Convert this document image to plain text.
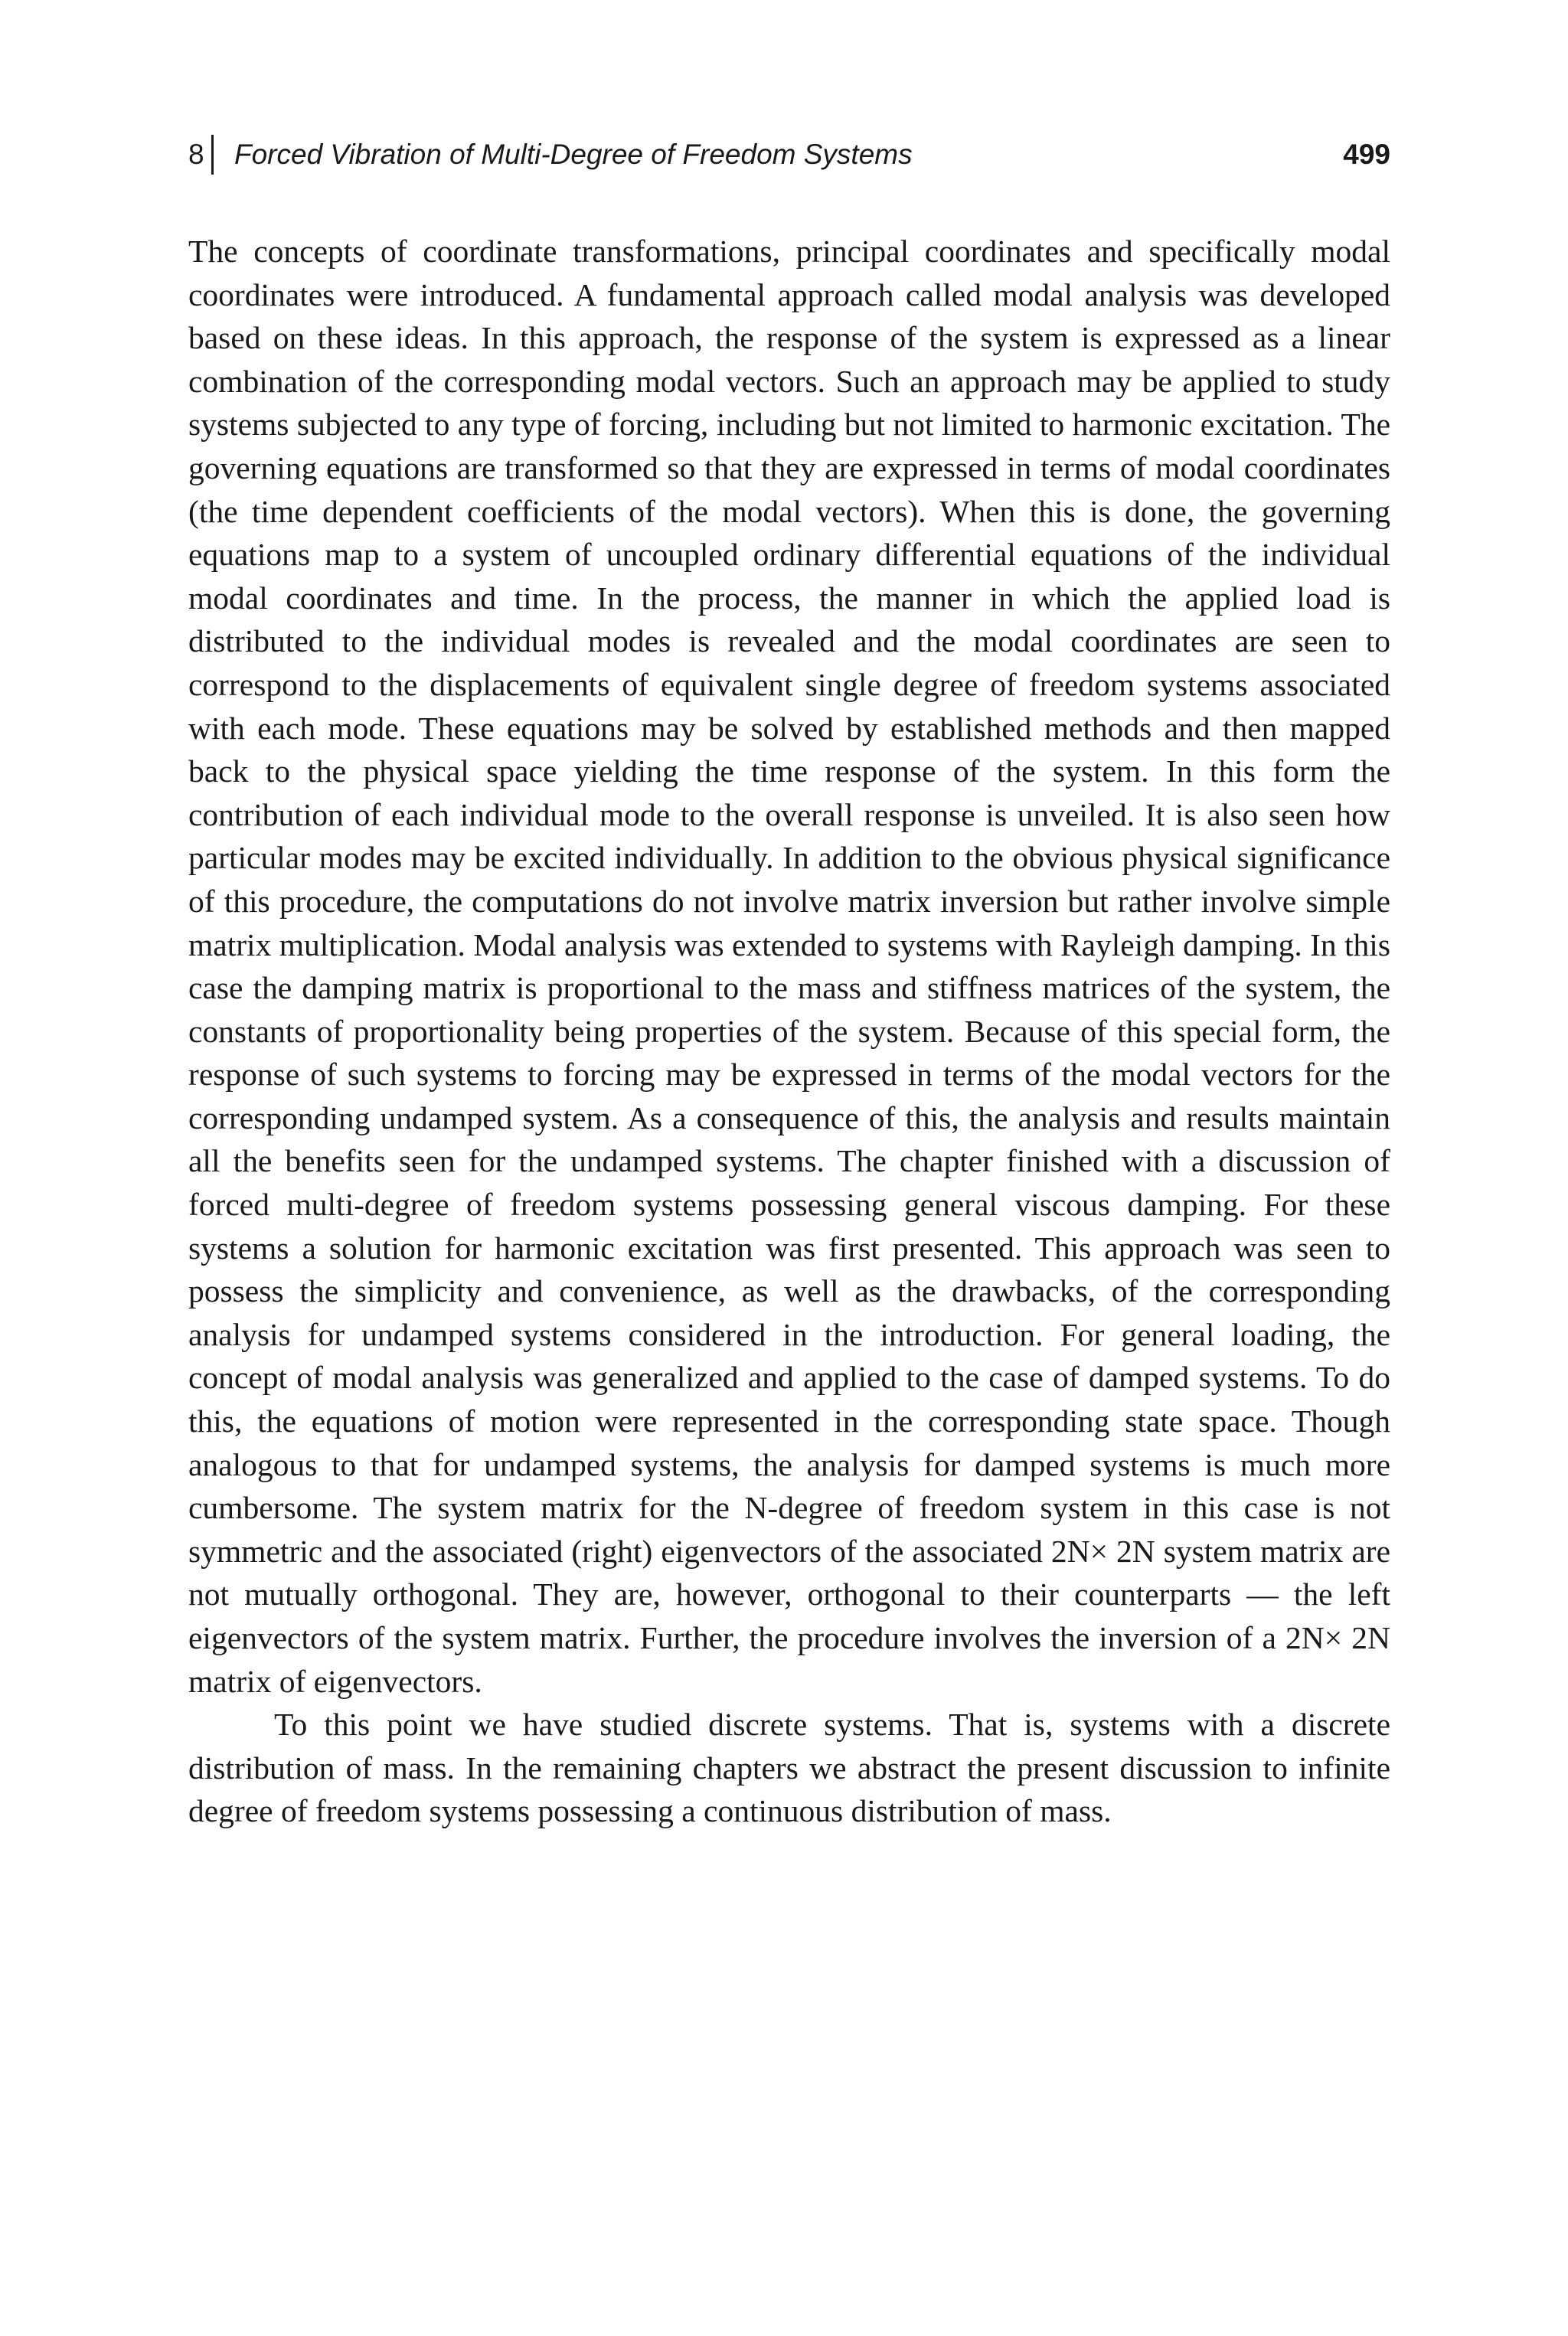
8 Forced Vibration of Multi-Degree of Freedom Systems	499

The concepts of coordinate transformations, principal coordinates and specifically modal coordinates were introduced. A fundamental approach called modal analysis was developed based on these ideas. In this approach, the response of the system is expressed as a linear combination of the corresponding modal vectors. Such an approach may be applied to study systems subjected to any type of forcing, including but not limited to harmonic excitation. The governing equations are transformed so that they are expressed in terms of modal coordinates (the time dependent coefficients of the modal vectors). When this is done, the governing equations map to a system of uncoupled ordinary differential equations of the individual modal coordinates and time. In the process, the manner in which the applied load is distributed to the individual modes is revealed and the modal coordinates are seen to correspond to the displacements of equivalent single degree of freedom systems associated with each mode. These equations may be solved by established methods and then mapped back to the physical space yielding the time response of the system. In this form the contribution of each individual mode to the overall response is unveiled. It is also seen how particular modes may be excited individually. In addition to the obvious physical significance of this procedure, the computations do not involve matrix inversion but rather involve simple matrix multiplication. Modal analysis was extended to systems with Rayleigh damping. In this case the damping matrix is proportional to the mass and stiffness matrices of the system, the constants of proportionality being properties of the system. Because of this special form, the response of such systems to forcing may be expressed in terms of the modal vectors for the corresponding undamped system. As a consequence of this, the analysis and results maintain all the benefits seen for the undamped systems. The chapter finished with a discussion of forced multi-degree of freedom systems possessing general viscous damping. For these systems a solution for harmonic excitation was first presented. This approach was seen to possess the simplicity and convenience, as well as the drawbacks, of the corresponding analysis for undamped systems considered in the introduction. For general loading, the concept of modal analysis was generalized and applied to the case of damped systems. To do this, the equations of motion were represented in the corresponding state space. Though analogous to that for undamped systems, the analysis for damped systems is much more cumbersome. The system matrix for the N-degree of freedom system in this case is not symmetric and the associated (right) eigenvectors of the associated 2N× 2N system matrix are not mutually orthogonal. They are, however, orthogonal to their counterparts — the left eigenvectors of the system matrix. Further, the procedure involves the inversion of a 2N× 2N matrix of eigenvectors.

To this point we have studied discrete systems. That is, systems with a discrete distribution of mass. In the remaining chapters we abstract the present discussion to infinite degree of freedom systems possessing a continuous distribution of mass.
